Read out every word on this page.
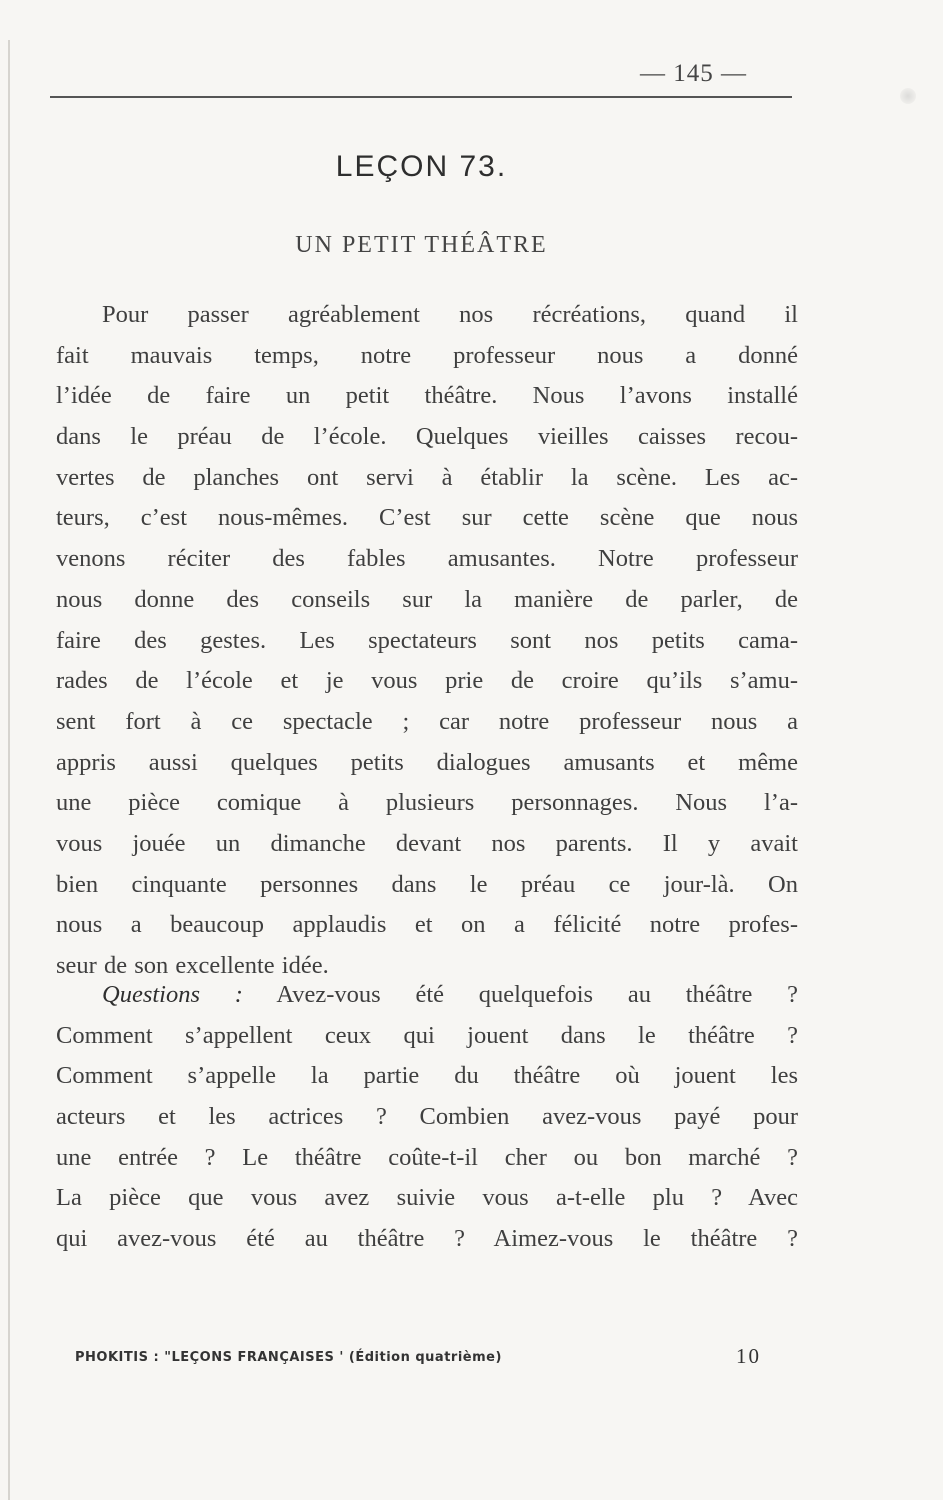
— 145 —
LEÇON 73.
UN PETIT THÉÂTRE
Pour passer agréablement nos récréations, quand il
fait mauvais temps, notre professeur nous a donné
l’idée de faire un petit théâtre. Nous l’avons installé
dans le préau de l’école. Quelques vieilles caisses recou-
vertes de planches ont servi à établir la scène. Les ac-
teurs, c’est nous-mêmes. C’est sur cette scène que nous
venons réciter des fables amusantes. Notre professeur
nous donne des conseils sur la manière de parler, de
faire des gestes. Les spectateurs sont nos petits cama-
rades de l’école et je vous prie de croire qu’ils s’amu-
sent fort à ce spectacle ; car notre professeur nous a
appris aussi quelques petits dialogues amusants et même
une pièce comique à plusieurs personnages. Nous l’a-
vous jouée un dimanche devant nos parents. Il y avait
bien cinquante personnes dans le préau ce jour-là. On
nous a beaucoup applaudis et on a félicité notre profes-
seur de son excellente idée.
Questions : Avez-vous été quelquefois au théâtre ?
Comment s’appellent ceux qui jouent dans le théâtre ?
Comment s’appelle la partie du théâtre où jouent les
acteurs et les actrices ? Combien avez-vous payé pour
une entrée ? Le théâtre coûte-t-il cher ou bon marché ?
La pièce que vous avez suivie vous a-t-elle plu ? Avec
qui avez-vous été au théâtre ? Aimez-vous le théâtre ?
PHOKITIS : "LEÇONS FRANÇAISES ' (Édition quatrième)	10
